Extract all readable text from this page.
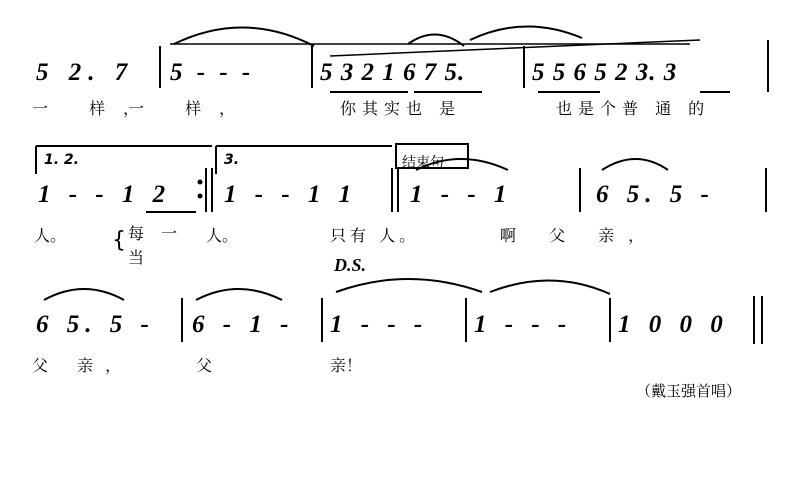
5 2. 7 5 - - -	5 3 2 1 6 7 5.	5 5 6 5 2 3. 3
一 样，
一 样，	你其实也 是	也是个普 通 的
1. 2.	3.	结束句
1 - - 1 2 1 - - 1 1 1 - - 1	6 5. 5 -
人。	人。	只有 人。	啊 父 亲，
{ 每 一
当	D.S.
6 5. 5 - 6 - 1 - 1 - - - 1 - - - 1 0 0 0
父 亲，	父	亲！
（戴玉强首唱）
